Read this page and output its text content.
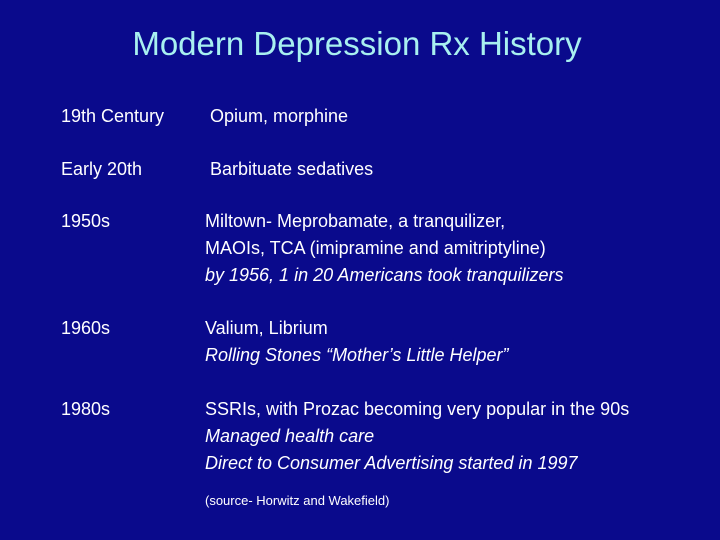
Modern Depression Rx History
19th Century	Opium, morphine
Early 20th	Barbituate sedatives
1950s	Miltown- Meprobamate, a tranquilizer,
MAOIs, TCA (imipramine and amitriptyline)
by 1956, 1 in 20 Americans took tranquilizers
1960s	Valium, Librium
Rolling Stones “Mother’s Little Helper”
1980s	SSRIs, with Prozac becoming very popular in the 90s
Managed health care
Direct to Consumer Advertising started in 1997
(source- Horwitz and Wakefield)
